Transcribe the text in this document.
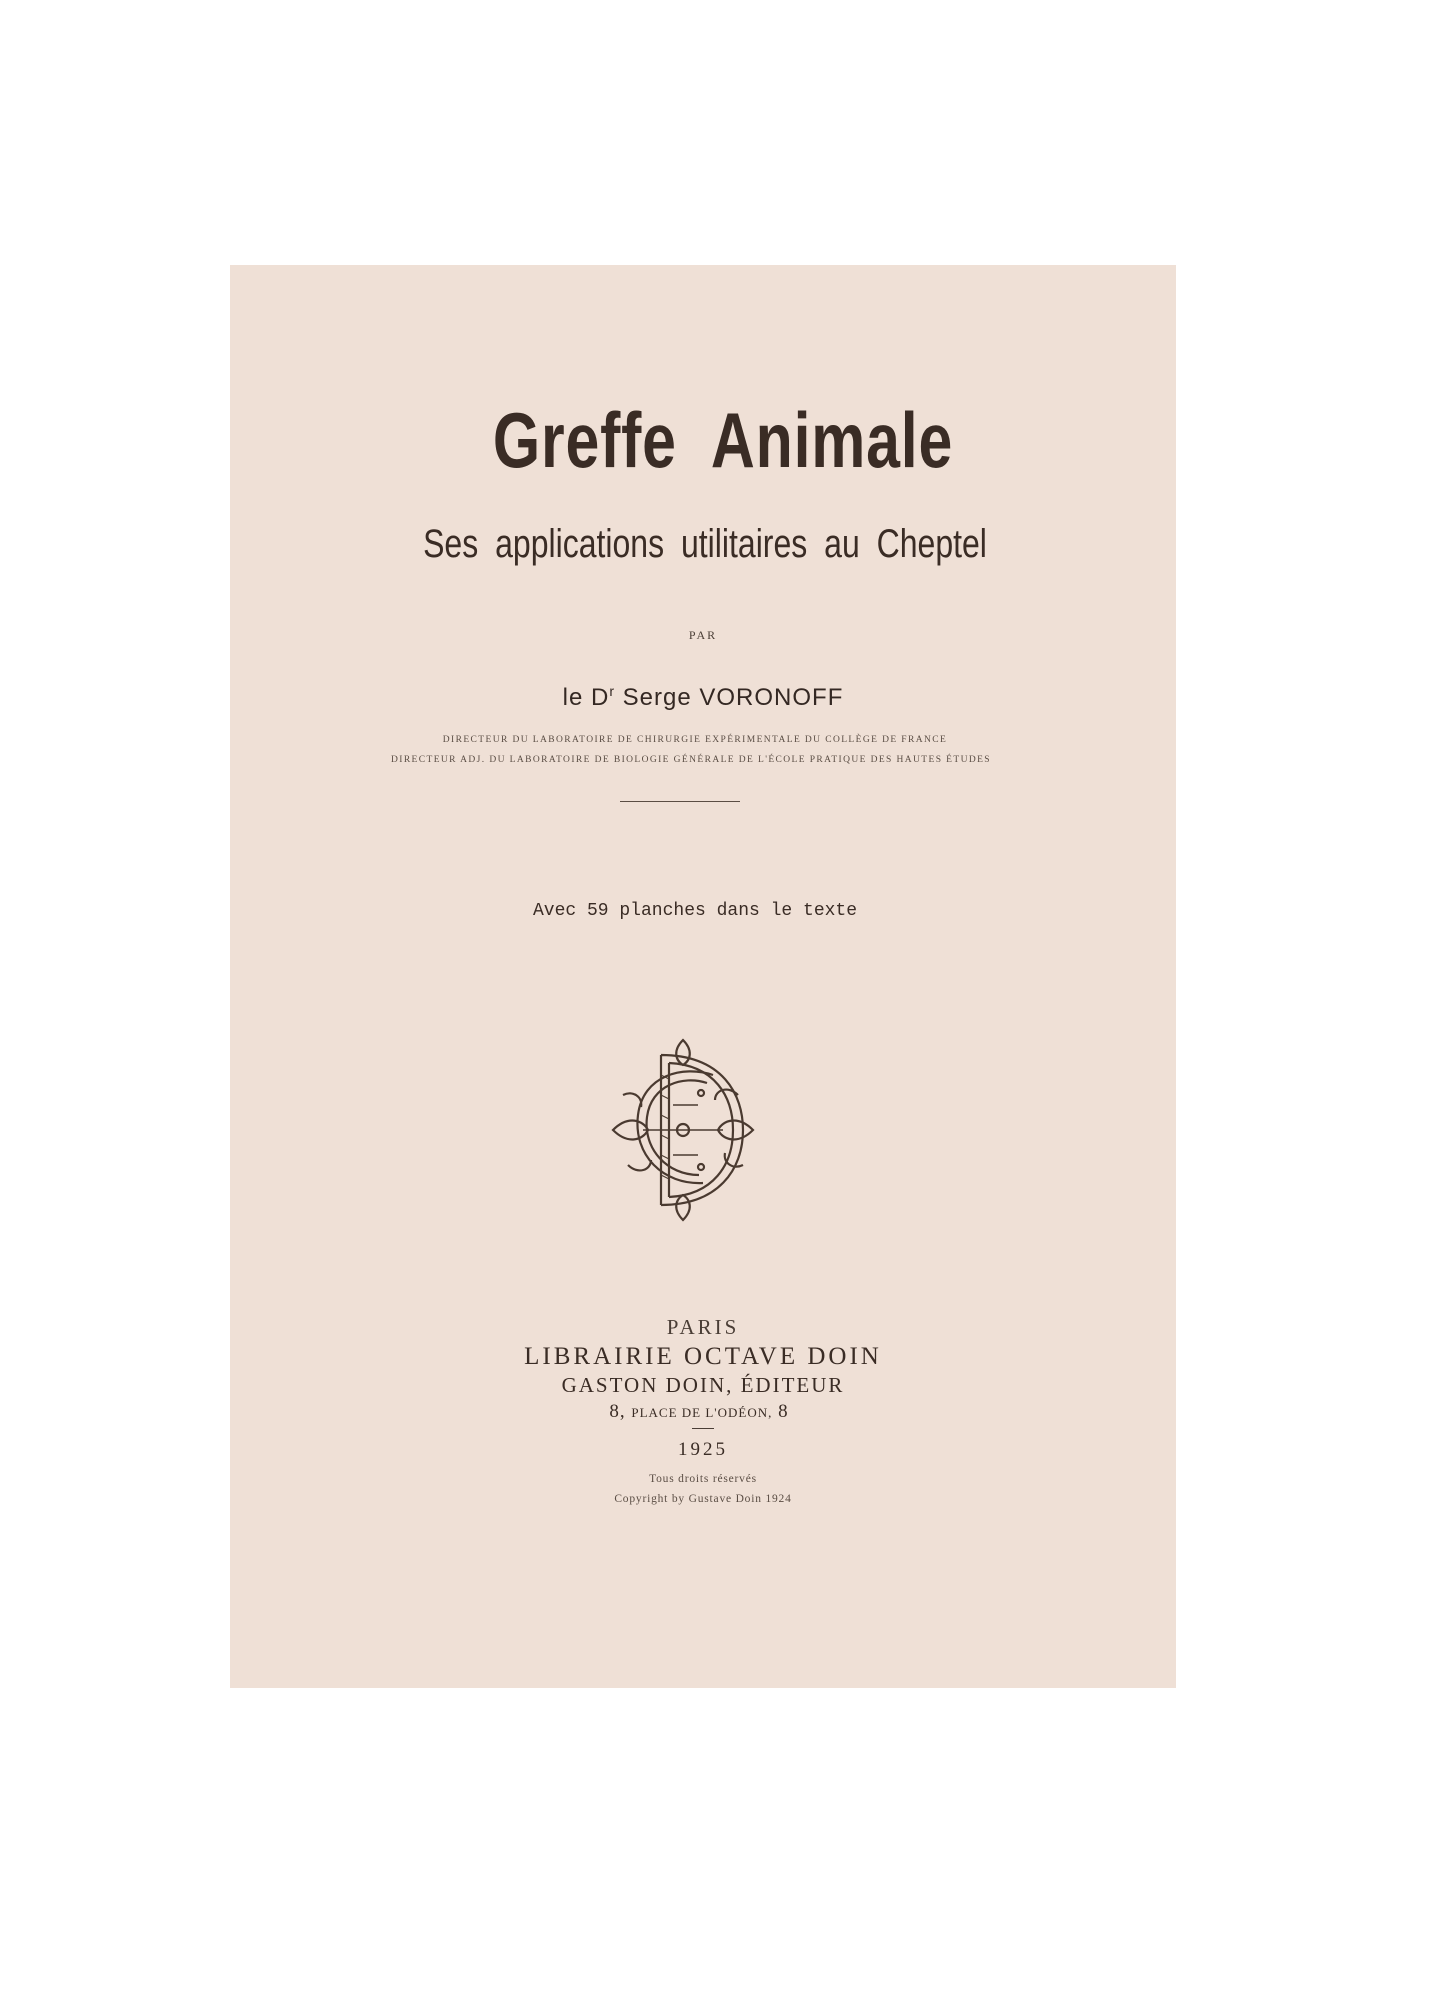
Greffe Animale
Ses applications utilitaires au Cheptel
PAR
le $D^r$ Serge VORONOFF
DIRECTEUR DU LABORATOIRE DE CHIRURGIE EXPÉRIMENTALE DU COLLÈGE DE FRANCE
DIRECTEUR ADJ. DU LABORATOIRE DE BIOLOGIE GÉNÉRALE DE L'ÉCOLE PRATIQUE DES HAUTES ÉTUDES
Avec 59 planches dans le texte
PARIS
LIBRAIRIE OCTAVE DOIN
GASTON DOIN, ÉDITEUR
8, PLACE DE L'ODÉON, 8
1925
Tous droits réservés
Copyright by Gustave Doin 1924
